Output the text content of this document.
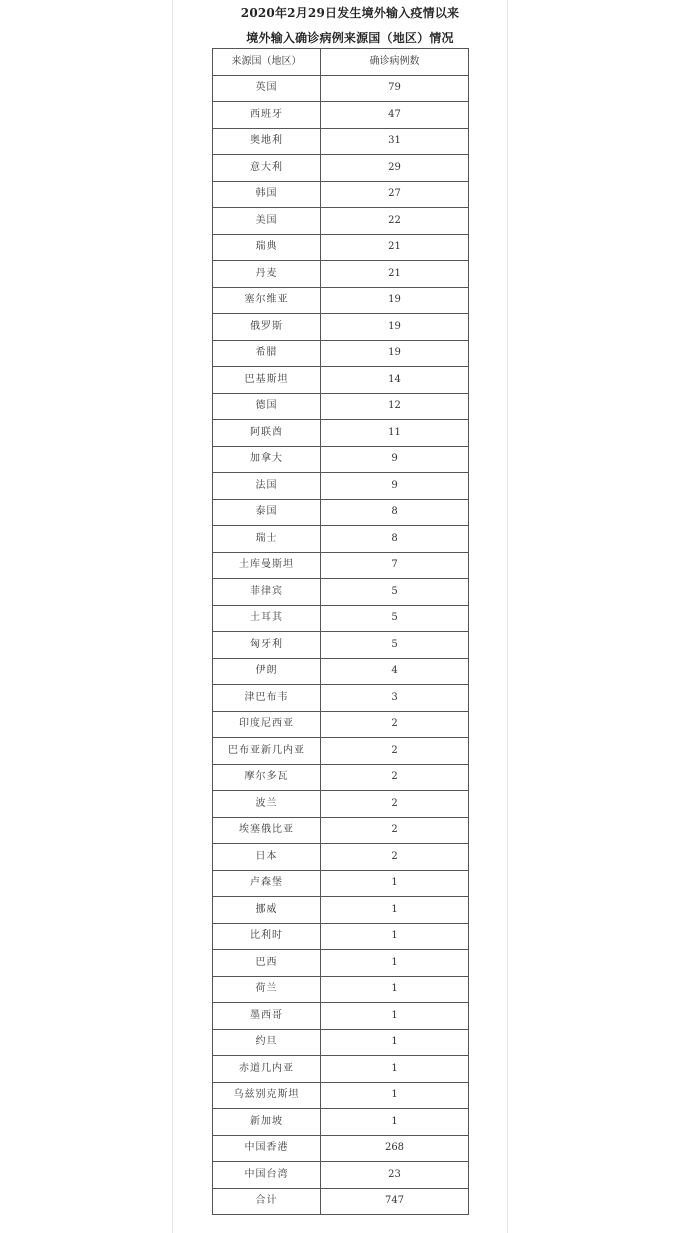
2020年2月29日发生境外输入疫情以来
境外输入确诊病例来源国（地区）情况
来源国（地区）	确诊病例数
英国	79
西班牙	47
奥地利	31
意大利	29
韩国	27
美国	22
瑞典	21
丹麦	21
塞尔维亚	19
俄罗斯	19
希腊	19
巴基斯坦	14
德国	12
阿联酋	11
加拿大	9
法国	9
泰国	8
瑞士	8
土库曼斯坦	7
菲律宾	5
土耳其	5
匈牙利	5
伊朗	4
津巴布韦	3
印度尼西亚	2
巴布亚新几内亚	2
摩尔多瓦	2
波兰	2
埃塞俄比亚	2
日本	2
卢森堡	1
挪威	1
比利时	1
巴西	1
荷兰	1
墨西哥	1
约旦	1
赤道几内亚	1
乌兹别克斯坦	1
新加坡	1
中国香港	268
中国台湾	23
合计	747
